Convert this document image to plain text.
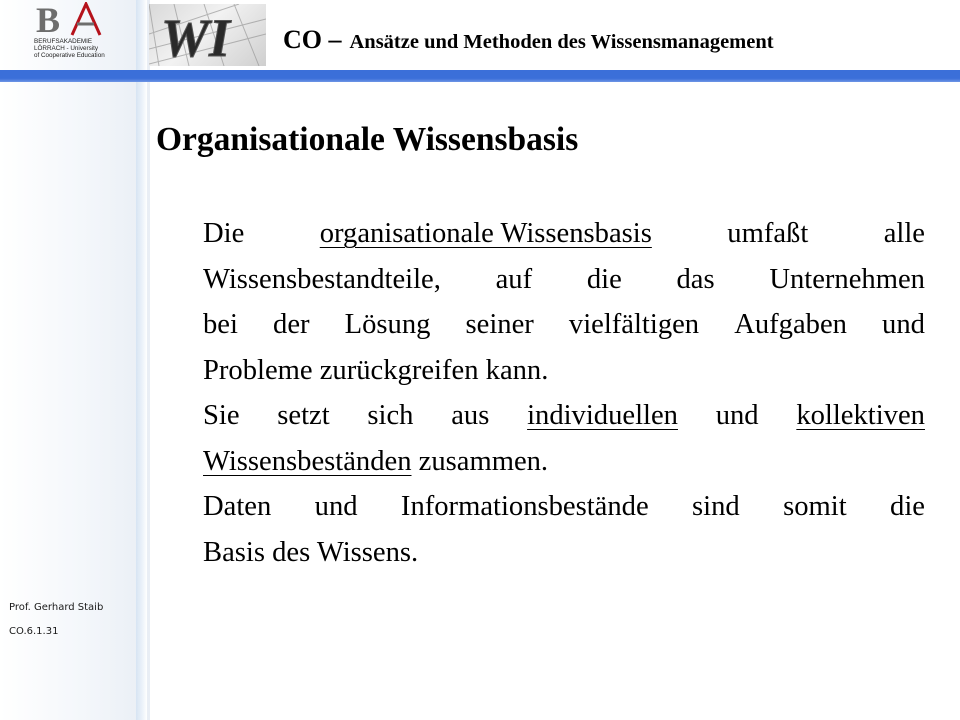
B
BA
BERUFSAKADEMIE
LÖRRACH - University
of Cooperative Education	WI CO – Ansätze und Methoden des Wissensmanagement
Organisationale Wissensbasis
Die	organisationale Wissensbasis	umfaßt	alle
Wissensbestandteile, auf die das Unternehmen
bei der Lösung seiner vielfältigen Aufgaben und
Probleme zurückgreifen kann.
Sie setzt sich aus individuellen und kollektiven
Wissensbeständen zusammen.
Daten und Informationsbestände sind somit die
Basis des Wissens.
Prof. Gerhard Staib
CO.6.1.31
